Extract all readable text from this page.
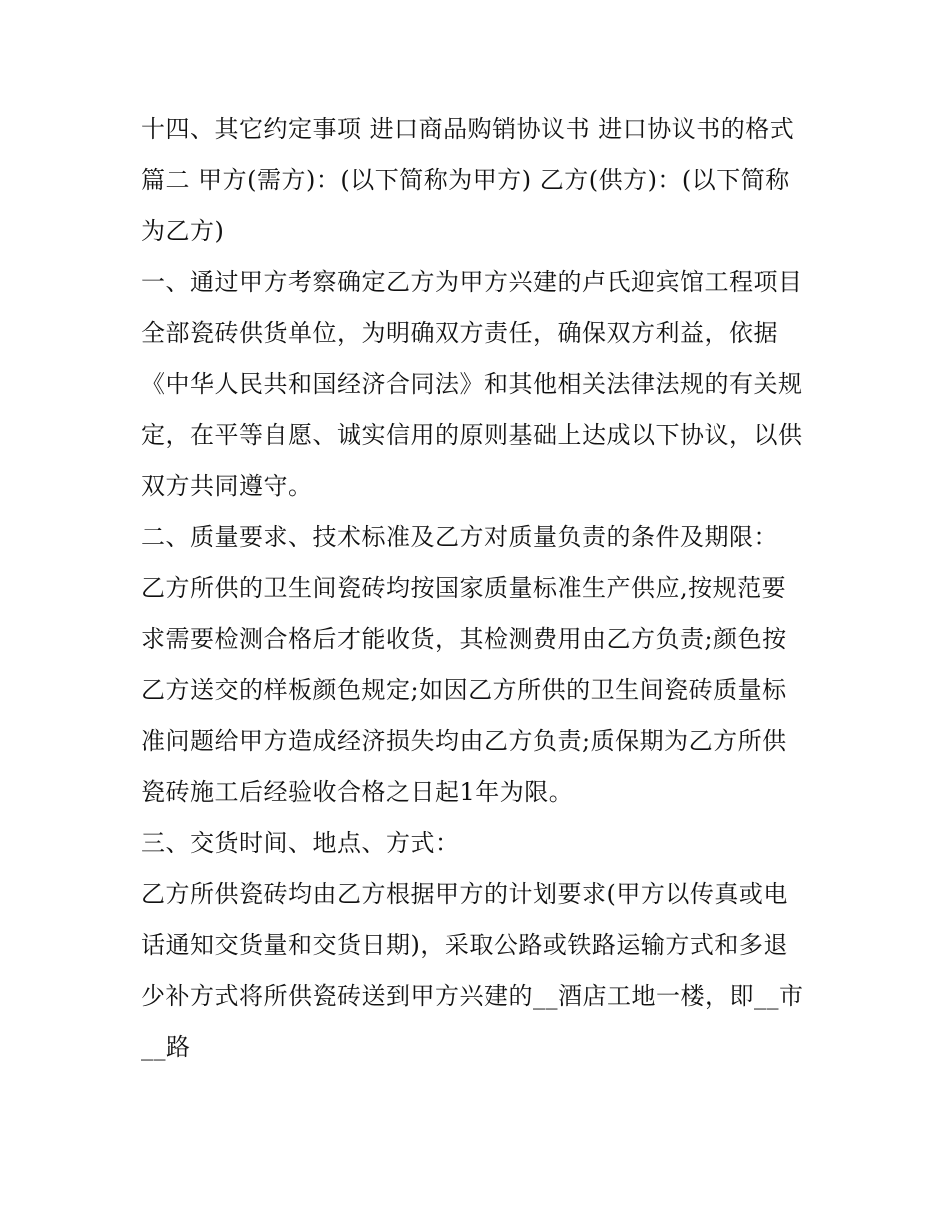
十四、其它约定事项 进口商品购销协议书 进口协议书的格式
篇二 甲方(需方)：(以下简称为甲方) 乙方(供方)：(以下简称
为乙方)
一、通过甲方考察确定乙方为甲方兴建的卢氏迎宾馆工程项目
全部瓷砖供货单位，为明确双方责任，确保双方利益，依据
《中华人民共和国经济合同法》和其他相关法律法规的有关规
定，在平等自愿、诚实信用的原则基础上达成以下协议，以供
双方共同遵守。
二、质量要求、技术标准及乙方对质量负责的条件及期限：
乙方所供的卫生间瓷砖均按国家质量标准生产供应,按规范要
求需要检测合格后才能收货，其检测费用由乙方负责;颜色按
乙方送交的样板颜色规定;如因乙方所供的卫生间瓷砖质量标
准问题给甲方造成经济损失均由乙方负责;质保期为乙方所供
瓷砖施工后经验收合格之日起1年为限。
三、交货时间、地点、方式：
乙方所供瓷砖均由乙方根据甲方的计划要求(甲方以传真或电
话通知交货量和交货日期)，采取公路或铁路运输方式和多退
少补方式将所供瓷砖送到甲方兴建的__酒店工地一楼，即__市
__路
